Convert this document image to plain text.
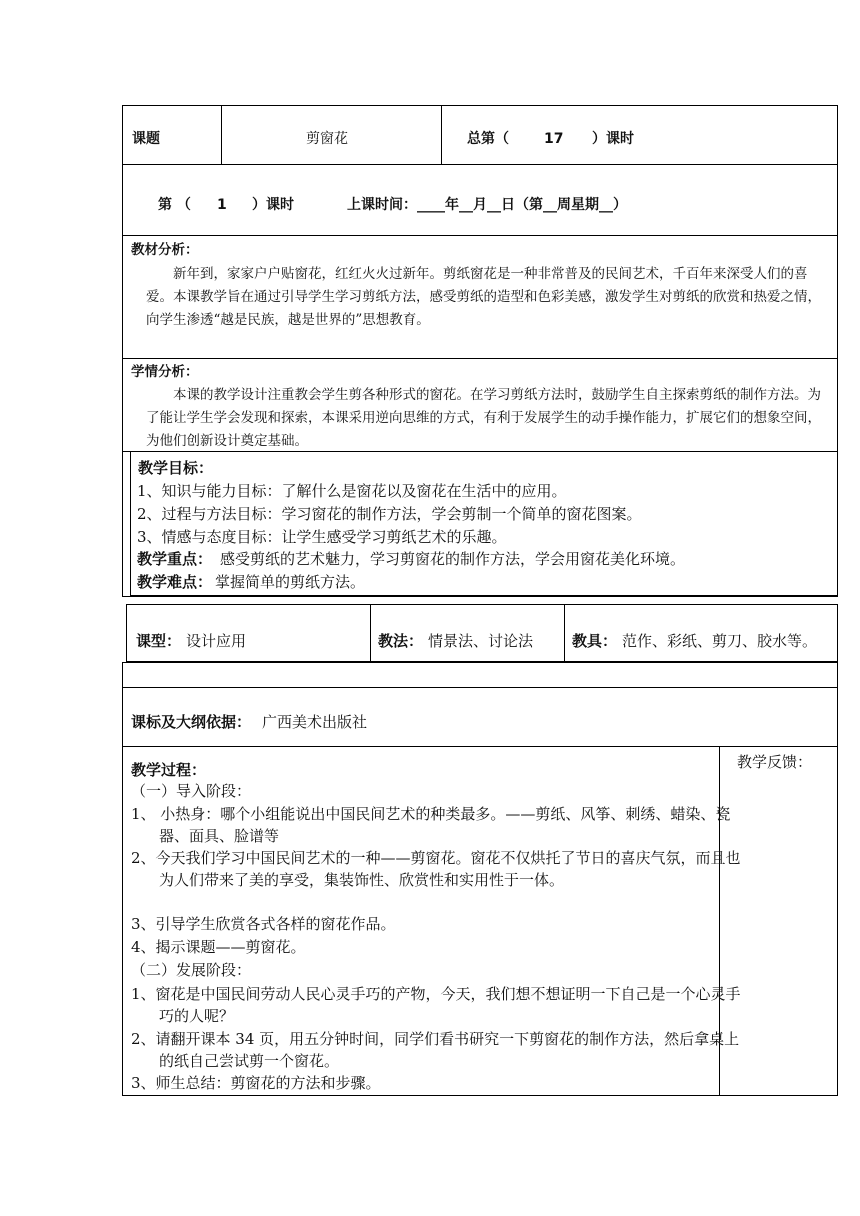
课题	剪窗花	总第（	17 ）课时
第 （ 1 ）课时	上课时间：____年__月__日（第__周星期__）
教材分析：
新年到，家家户户贴窗花，红红火火过新年。剪纸窗花是一种非常普及的民间艺术，千百年来深受人们的喜爱。本课教学旨在通过引导学生学习剪纸方法，感受剪纸的造型和色彩美感，激发学生对剪纸的欣赏和热爱之情，向学生渗透“越是民族，越是世界的”思想教育。
学情分析：
本课的教学设计注重教会学生剪各种形式的窗花。在学习剪纸方法时，鼓励学生自主探索剪纸的制作方法。为了能让学生学会发现和探索，本课采用逆向思维的方式，有利于发展学生的动手操作能力，扩展它们的想象空间，为他们创新设计奠定基础。
教学目标：
1、知识与能力目标：了解什么是窗花以及窗花在生活中的应用。
2、过程与方法目标：学习窗花的制作方法，学会剪制一个简单的窗花图案。
3、情感与态度目标：让学生感受学习剪纸艺术的乐趣。
教学重点： 感受剪纸的艺术魅力，学习剪窗花的制作方法，学会用窗花美化环境。
教学难点： 掌握简单的剪纸方法。
课型： 设计应用	教法： 情景法、讨论法	教具： 范作、彩纸、剪刀、胶水等。
课标及大纲依据： 广西美术出版社
教学反馈：
教学过程：
（一）导入阶段：
1、 小热身：哪个小组能说出中国民间艺术的种类最多。——剪纸、风筝、刺绣、蜡染、瓷器、面具、脸谱等
2、今天我们学习中国民间艺术的一种——剪窗花。窗花不仅烘托了节日的喜庆气氛，而且也为人们带来了美的享受，集装饰性、欣赏性和实用性于一体。
3、引导学生欣赏各式各样的窗花作品。
4、揭示课题——剪窗花。
（二）发展阶段：
1、窗花是中国民间劳动人民心灵手巧的产物，今天，我们想不想证明一下自己是一个心灵手巧的人呢？
2、请翻开课本 34 页，用五分钟时间，同学们看书研究一下剪窗花的制作方法，然后拿桌上的纸自己尝试剪一个窗花。
3、师生总结：剪窗花的方法和步骤。
